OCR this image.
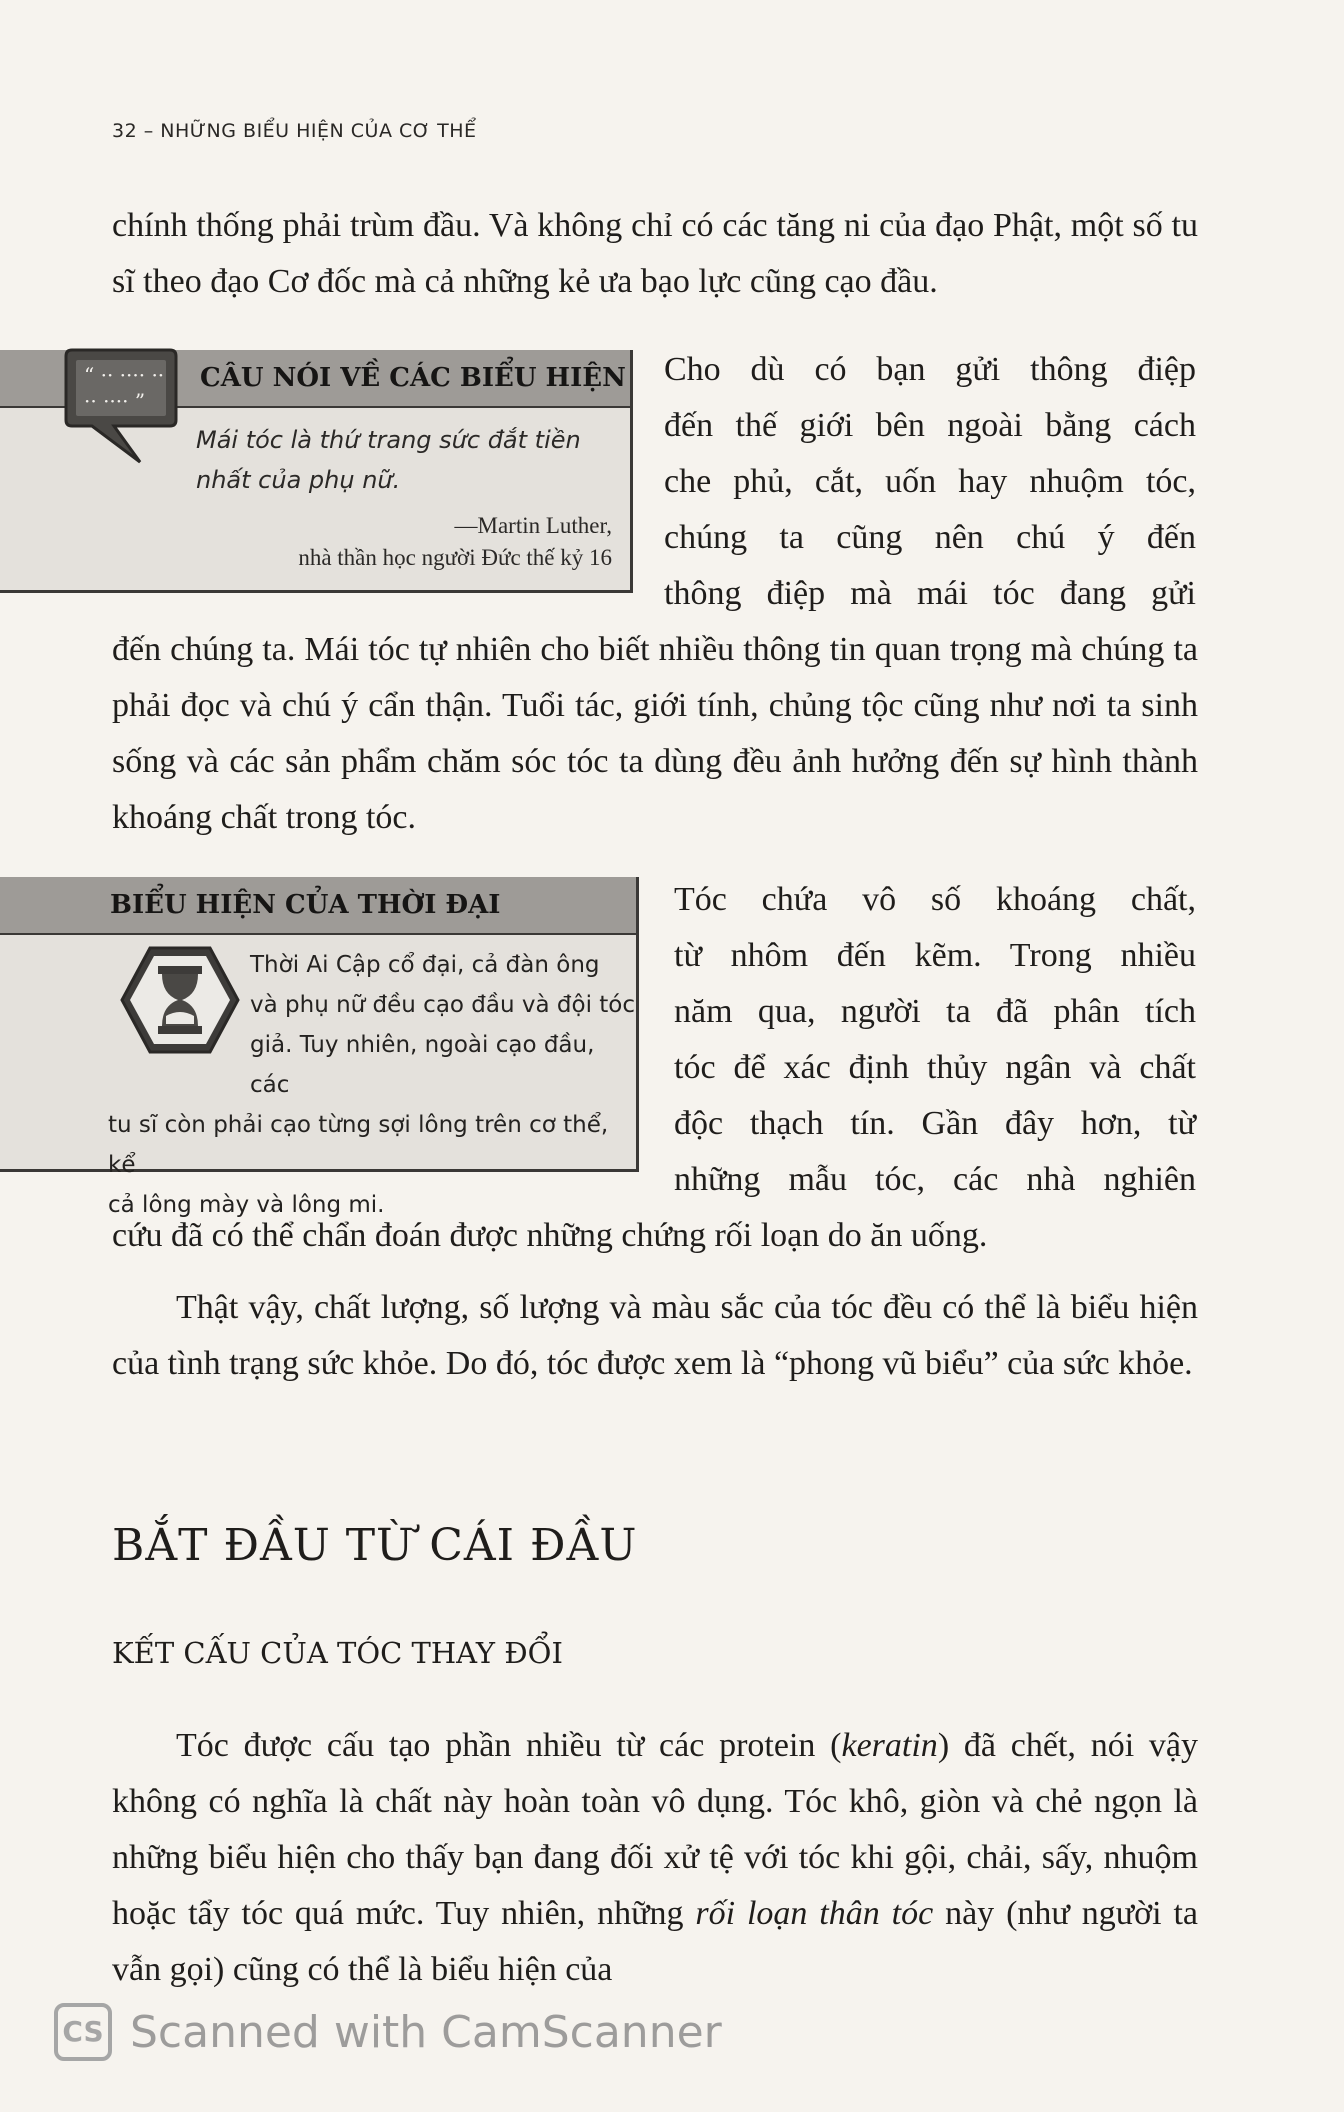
32 – NHỮNG BIỂU HIỆN CỦA CƠ THỂ

chính thống phải trùm đầu. Và không chỉ có các tăng ni của đạo Phật, một số tu sĩ theo đạo Cơ đốc mà cả những kẻ ưa bạo lực cũng cạo đầu.

CÂU NÓI VỀ CÁC BIỂU HIỆN
Mái tóc là thứ trang sức đắt tiền nhất của phụ nữ.
—Martin Luther,
nhà thần học người Đức thế kỷ 16
“ ·· ···· ··
·· ···· ”
Cho dù có bạn gửi thông điệp
đến thế giới bên ngoài bằng cách
che phủ, cắt, uốn hay nhuộm tóc,
chúng ta cũng nên chú ý đến
thông điệp mà mái tóc đang gửi

đến chúng ta. Mái tóc tự nhiên cho biết nhiều thông tin quan trọng mà chúng ta phải đọc và chú ý cẩn thận. Tuổi tác, giới tính, chủng tộc cũng như nơi ta sinh sống và các sản phẩm chăm sóc tóc ta dùng đều ảnh hưởng đến sự hình thành khoáng chất trong tóc.

BIỂU HIỆN CỦA THỜI ĐẠI

Thời Ai Cập cổ đại, cả đàn ông

và phụ nữ đều cạo đầu và đội tóc

giả. Tuy nhiên, ngoài cạo đầu, các

tu sĩ còn phải cạo từng sợi lông trên cơ thể, kể

cả lông mày và lông mi.

Tóc chứa vô số khoáng chất,
từ nhôm đến kẽm. Trong nhiều
năm qua, người ta đã phân tích
tóc để xác định thủy ngân và chất
độc thạch tín. Gần đây hơn, từ
những mẫu tóc, các nhà nghiên

cứu đã có thể chẩn đoán được những chứng rối loạn do ăn uống.

Thật vậy, chất lượng, số lượng và màu sắc của tóc đều có thể là biểu hiện của tình trạng sức khỏe. Do đó, tóc được xem là “phong vũ biểu” của sức khỏe.

BẮT ĐẦU TỪ CÁI ĐẦU
KẾT CẤU CỦA TÓC THAY ĐỔI

Tóc được cấu tạo phần nhiều từ các protein (keratin) đã chết, nói vậy không có nghĩa là chất này hoàn toàn vô dụng. Tóc khô, giòn và chẻ ngọn là những biểu hiện cho thấy bạn đang đối xử tệ với tóc khi gội, chải, sấy, nhuộm hoặc tẩy tóc quá mức. Tuy nhiên, những rối loạn thân tóc này (như người ta vẫn gọi) cũng có thể là biểu hiện của

CS Scanned with CamScanner
